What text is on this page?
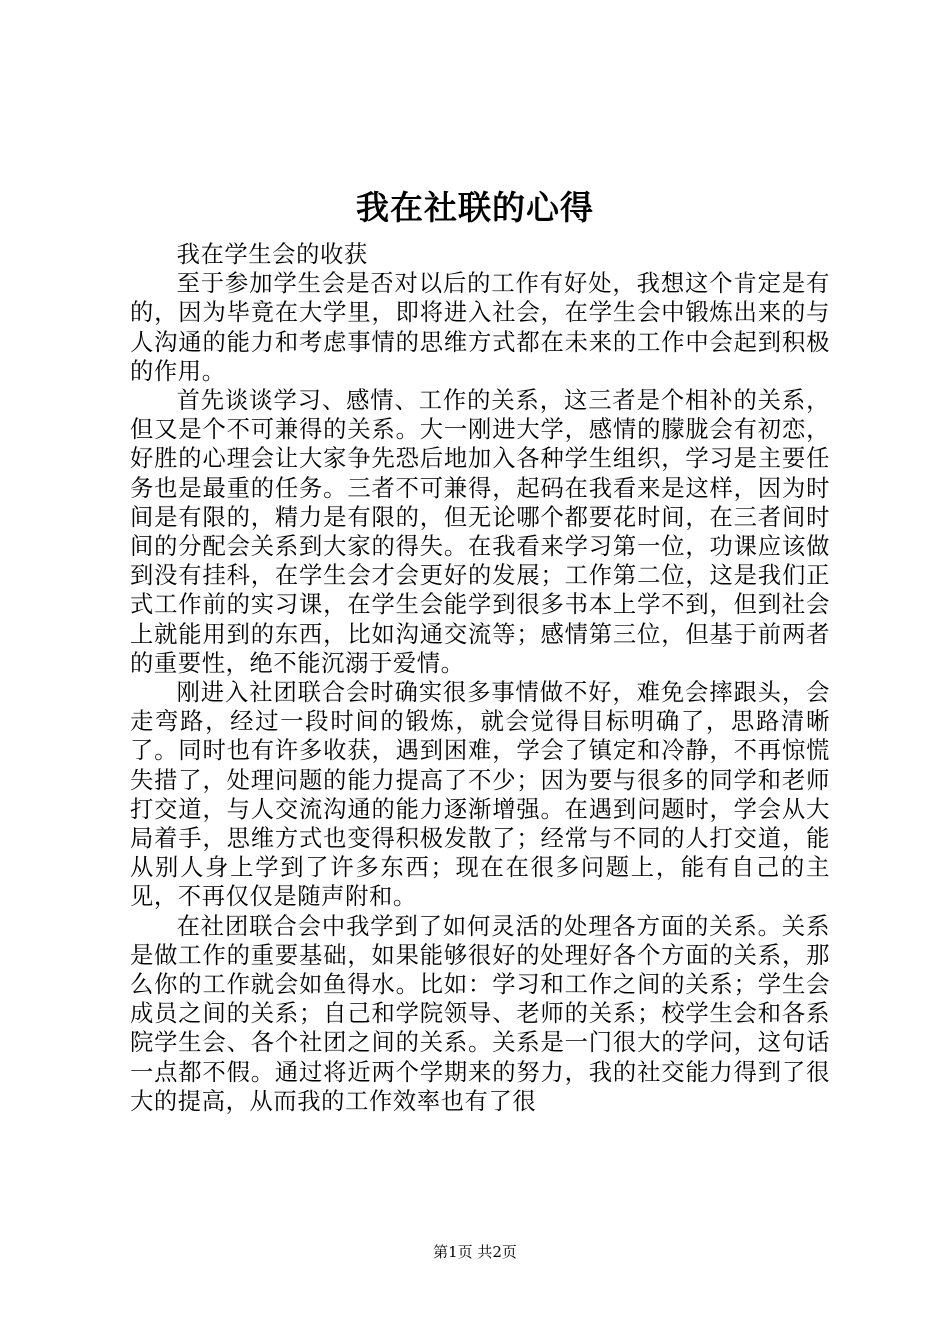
我在社联的心得

我在学生会的收获

至于参加学生会是否对以后的工作有好处，我想这个肯定是有的，因为毕竟在大学里，即将进入社会，在学生会中锻炼出来的与人沟通的能力和考虑事情的思维方式都在未来的工作中会起到积极的作用。

首先谈谈学习、感情、工作的关系，这三者是个相补的关系，但又是个不可兼得的关系。大一刚进大学，感情的朦胧会有初恋，好胜的心理会让大家争先恐后地加入各种学生组织，学习是主要任务也是最重的任务。三者不可兼得，起码在我看来是这样，因为时间是有限的，精力是有限的，但无论哪个都要花时间，在三者间时间的分配会关系到大家的得失。在我看来学习第一位，功课应该做到没有挂科，在学生会才会更好的发展；工作第二位，这是我们正式工作前的实习课，在学生会能学到很多书本上学不到，但到社会上就能用到的东西，比如沟通交流等；感情第三位，但基于前两者的重要性，绝不能沉溺于爱情。

刚进入社团联合会时确实很多事情做不好，难免会摔跟头，会走弯路，经过一段时间的锻炼，就会觉得目标明确了，思路清晰了。同时也有许多收获，遇到困难，学会了镇定和冷静，不再惊慌失措了，处理问题的能力提高了不少；因为要与很多的同学和老师打交道，与人交流沟通的能力逐渐增强。在遇到问题时，学会从大局着手，思维方式也变得积极发散了；经常与不同的人打交道，能从别人身上学到了许多东西；现在在很多问题上，能有自己的主见，不再仅仅是随声附和。

在社团联合会中我学到了如何灵活的处理各方面的关系。关系是做工作的重要基础，如果能够很好的处理好各个方面的关系，那么你的工作就会如鱼得水。比如：学习和工作之间的关系；学生会成员之间的关系；自己和学院领导、老师的关系；校学生会和各系院学生会、各个社团之间的关系。关系是一门很大的学问，这句话一点都不假。通过将近两个学期来的努力，我的社交能力得到了很大的提高，从而我的工作效率也有了很

第1页 共2页
